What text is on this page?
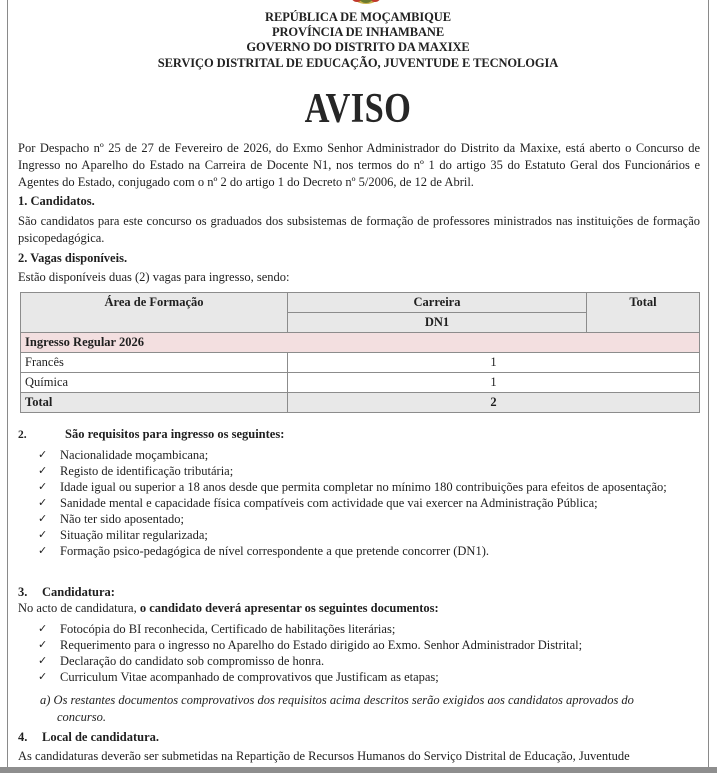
REPÚBLICA DE MOÇAMBIQUE
PROVÍNCIA DE INHAMBANE
GOVERNO DO DISTRITO DA MAXIXE
SERVIÇO DISTRITAL DE EDUCAÇÃO, JUVENTUDE E TECNOLOGIA
AVISO
Por Despacho nº 25 de 27 de Fevereiro de 2026, do Exmo Senhor Administrador do Distrito da Maxixe, está aberto o Concurso de Ingresso no Aparelho do Estado na Carreira de Docente N1, nos termos do nº 1 do artigo 35 do Estatuto Geral dos Funcionários e Agentes do Estado, conjugado com o nº 2 do artigo 1 do Decreto nº 5/2006, de 12 de Abril.
1. Candidatos.
São candidatos para este concurso os graduados dos subsistemas de formação de professores ministrados nas instituições de formação psicopedagógica.
2. Vagas disponíveis.
Estão disponíveis duas (2) vagas para ingresso, sendo:
Área de Formação	Carreira	Total
	DN1	
Ingresso Regular 2026		
Francês	1	
Química	1	
Total	2	
2.	São requisitos para ingresso os seguintes:
✓ Nacionalidade moçambicana;
✓ Registo de identificação tributária;
✓ Idade igual ou superior a 18 anos desde que permita completar no mínimo 180 contribuições para efeitos de aposentação;
✓ Sanidade mental e capacidade física compatíveis com actividade que vai exercer na Administração Pública;
✓ Não ter sido aposentado;
✓ Situação militar regularizada;
✓ Formação psico-pedagógica de nível correspondente a que pretende concorrer (DN1).
3. Candidatura:
No acto de candidatura, o candidato deverá apresentar os seguintes documentos:
✓ Fotocópia do BI reconhecida, Certificado de habilitações literárias;
✓ Requerimento para o ingresso no Aparelho do Estado dirigido ao Exmo. Senhor Administrador Distrital;
✓ Declaração do candidato sob compromisso de honra.
✓ Curriculum Vitae acompanhado de comprovativos que Justificam as etapas;
a) Os restantes documentos comprovativos dos requisitos acima descritos serão exigidos aos candidatos aprovados do
concurso.
4. Local de candidatura.
As candidaturas deverão ser submetidas na Repartição de Recursos Humanos do Serviço Distrital de Educação, Juventude
